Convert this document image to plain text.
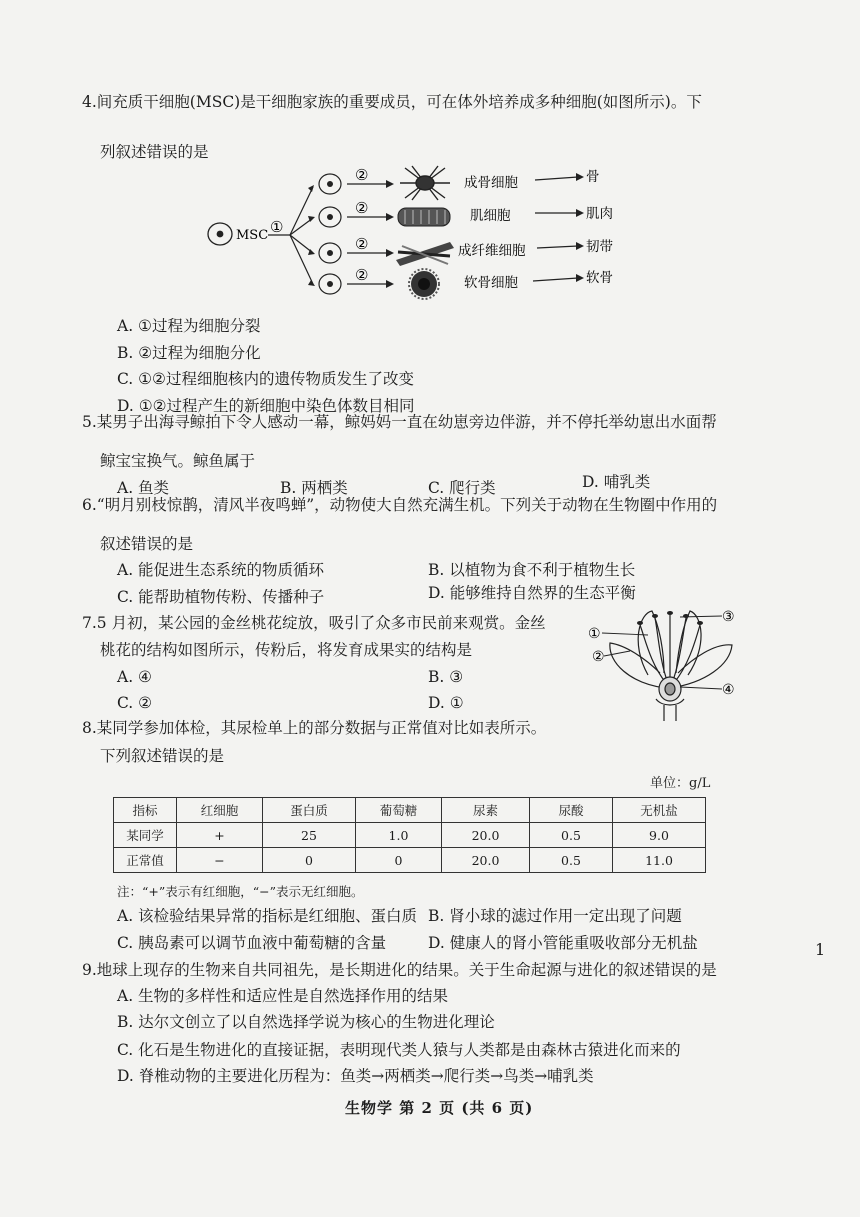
4.间充质干细胞(MSC)是干细胞家族的重要成员，可在体外培养成多种细胞(如图所示)。下
列叙述错误的是
MSC ①
②
②
②
②
成骨细胞
肌细胞
成纤维细胞
软骨细胞
骨
肌肉
韧带
软骨
A. ①过程为细胞分裂
B. ②过程为细胞分化
C. ①②过程细胞核内的遗传物质发生了改变
D. ①②过程产生的新细胞中染色体数目相同
5.某男子出海寻鲸拍下令人感动一幕，鲸妈妈一直在幼崽旁边伴游，并不停托举幼崽出水面帮
鲸宝宝换气。鲸鱼属于
A. 鱼类	B. 两栖类	C. 爬行类	D. 哺乳类
6.“明月别枝惊鹊，清风半夜鸣蝉”，动物使大自然充满生机。下列关于动物在生物圈中作用的
叙述错误的是
A. 能促进生态系统的物质循环	B. 以植物为食不利于植物生长
C. 能帮助植物传粉、传播种子	D. 能够维持自然界的生态平衡
7.5 月初，某公园的金丝桃花绽放，吸引了众多市民前来观赏。金丝
桃花的结构如图所示，传粉后，将发育成果实的结构是
A. ④	B. ③
C. ②	D. ①
①
②
③
④
8.某同学参加体检，其尿检单上的部分数据与正常值对比如表所示。
下列叙述错误的是
单位：g/L
指标	红细胞	蛋白质	葡萄糖	尿素	尿酸	无机盐
某同学	+	25	1.0	20.0	0.5	9.0
正常值	−	0	0	20.0	0.5	11.0
注：“+”表示有红细胞，“−”表示无红细胞。
A. 该检验结果异常的指标是红细胞、蛋白质 B. 肾小球的滤过作用一定出现了问题
C. 胰岛素可以调节血液中葡萄糖的含量	D. 健康人的肾小管能重吸收部分无机盐	1
9.地球上现存的生物来自共同祖先，是长期进化的结果。关于生命起源与进化的叙述错误的是
A. 生物的多样性和适应性是自然选择作用的结果
B. 达尔文创立了以自然选择学说为核心的生物进化理论
C. 化石是生物进化的直接证据，表明现代类人猿与人类都是由森林古猿进化而来的
D. 脊椎动物的主要进化历程为：鱼类→两栖类→爬行类→鸟类→哺乳类
生物学 第 2 页 (共 6 页)
